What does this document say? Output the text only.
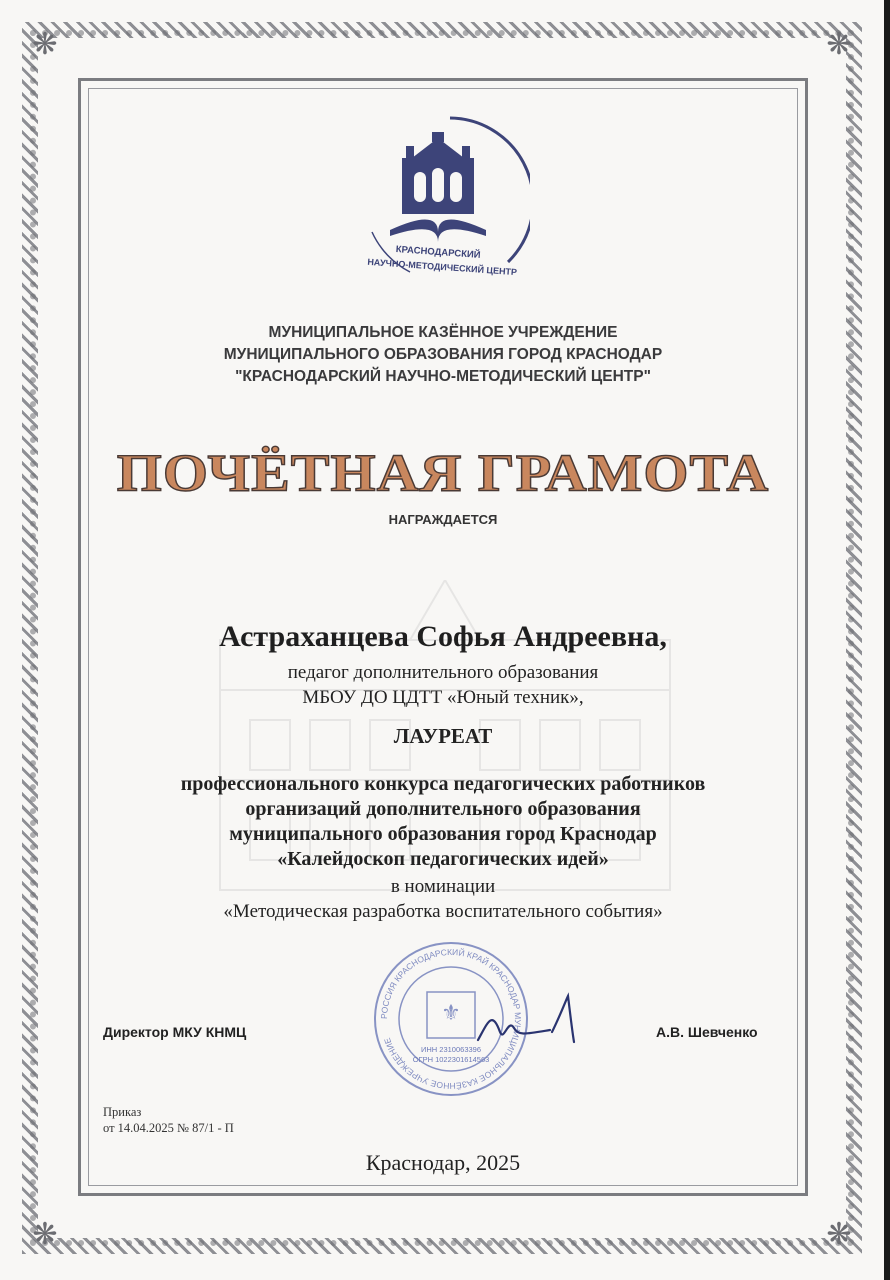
❋	❋
❋	❋
КРАСНОДАРСКИЙ
НАУЧНО-МЕТОДИЧЕСКИЙ ЦЕНТР
МУНИЦИПАЛЬНОЕ КАЗЁННОЕ УЧРЕЖДЕНИЕ
МУНИЦИПАЛЬНОГО ОБРАЗОВАНИЯ ГОРОД КРАСНОДАР
"КРАСНОДАРСКИЙ НАУЧНО-МЕТОДИЧЕСКИЙ ЦЕНТР"
ПОЧЁТНАЯ ГРАМОТА
НАГРАЖДАЕТСЯ
Астраханцева Софья Андреевна,
педагог дополнительного образования
МБОУ ДО ЦДТТ «Юный техник»,
ЛАУРЕАТ
профессионального конкурса педагогических работников
организаций дополнительного образования
муниципального образования город Краснодар
«Калейдоскоп педагогических идей»
в номинации
«Методическая разработка воспитательного события»
Директор МКУ КНМЦ	А.В. Шевченко
РОССИЯ КРАСНОДАРСКИЙ КРАЙ КРАСНОДАР МУНИЦИПАЛЬНОЕ КАЗЁННОЕ УЧРЕЖДЕНИЕ
⚜
ИНН 2310063396
ОГРН 1022301614563
Приказ
от 14.04.2025 № 87/1 - П
Краснодар, 2025
